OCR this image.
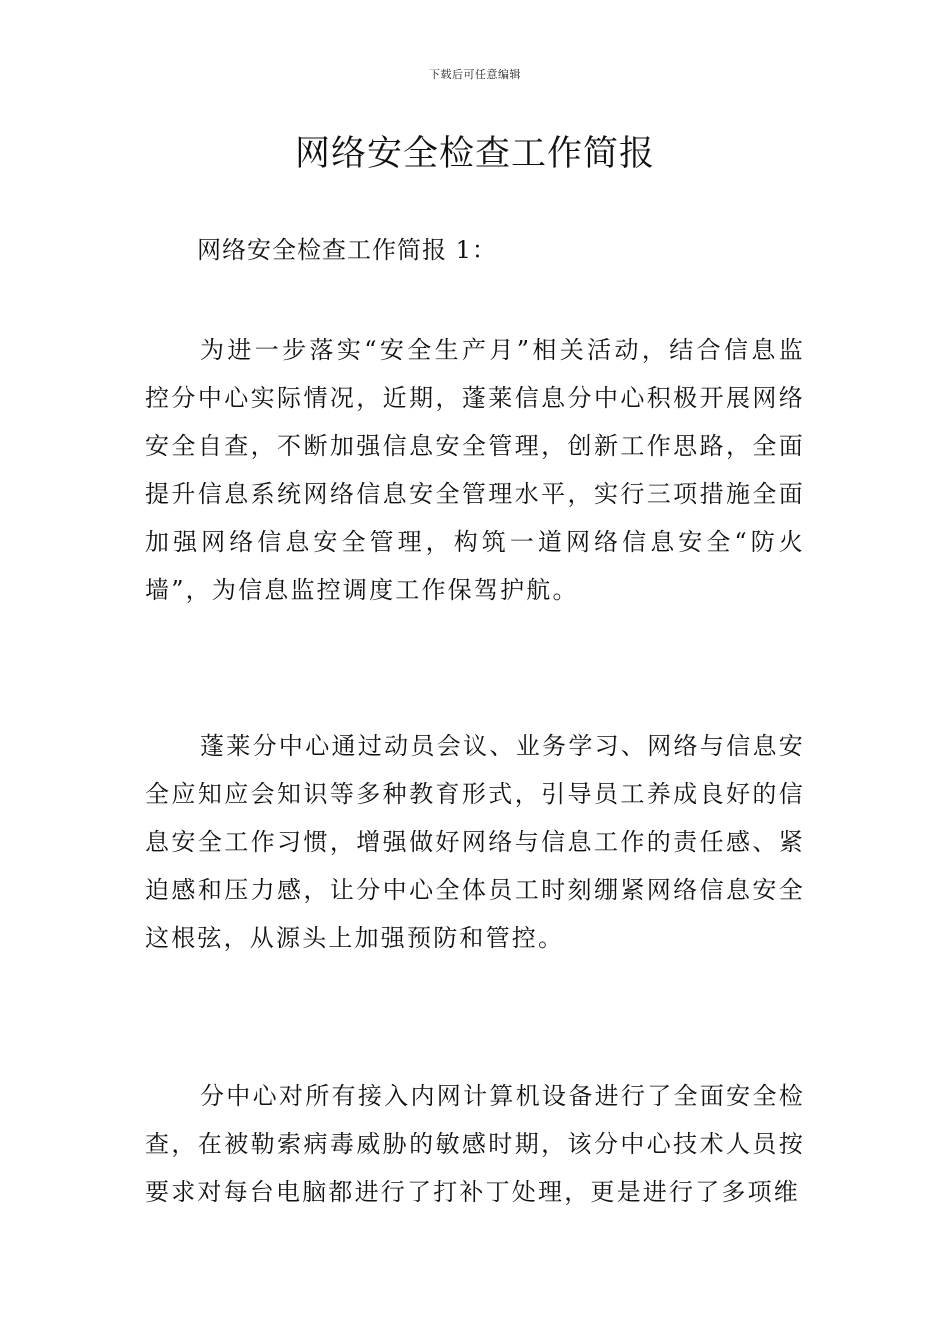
下载后可任意编辑
网络安全检查工作简报
网络安全检查工作简报 1：

为进一步落实“安全生产月”相关活动，结合信息监控分中心实际情况，近期，蓬莱信息分中心积极开展网络安全自查，不断加强信息安全管理，创新工作思路，全面提升信息系统网络信息安全管理水平，实行三项措施全面加强网络信息安全管理，构筑一道网络信息安全“防火墙”，为信息监控调度工作保驾护航。

蓬莱分中心通过动员会议、业务学习、网络与信息安全应知应会知识等多种教育形式，引导员工养成良好的信息安全工作习惯，增强做好网络与信息工作的责任感、紧迫感和压力感，让分中心全体员工时刻绷紧网络信息安全这根弦，从源头上加强预防和管控。

分中心对所有接入内网计算机设备进行了全面安全检查，在被勒索病毒威胁的敏感时期，该分中心技术人员按要求对每台电脑都进行了打补丁处理，更是进行了多项维
